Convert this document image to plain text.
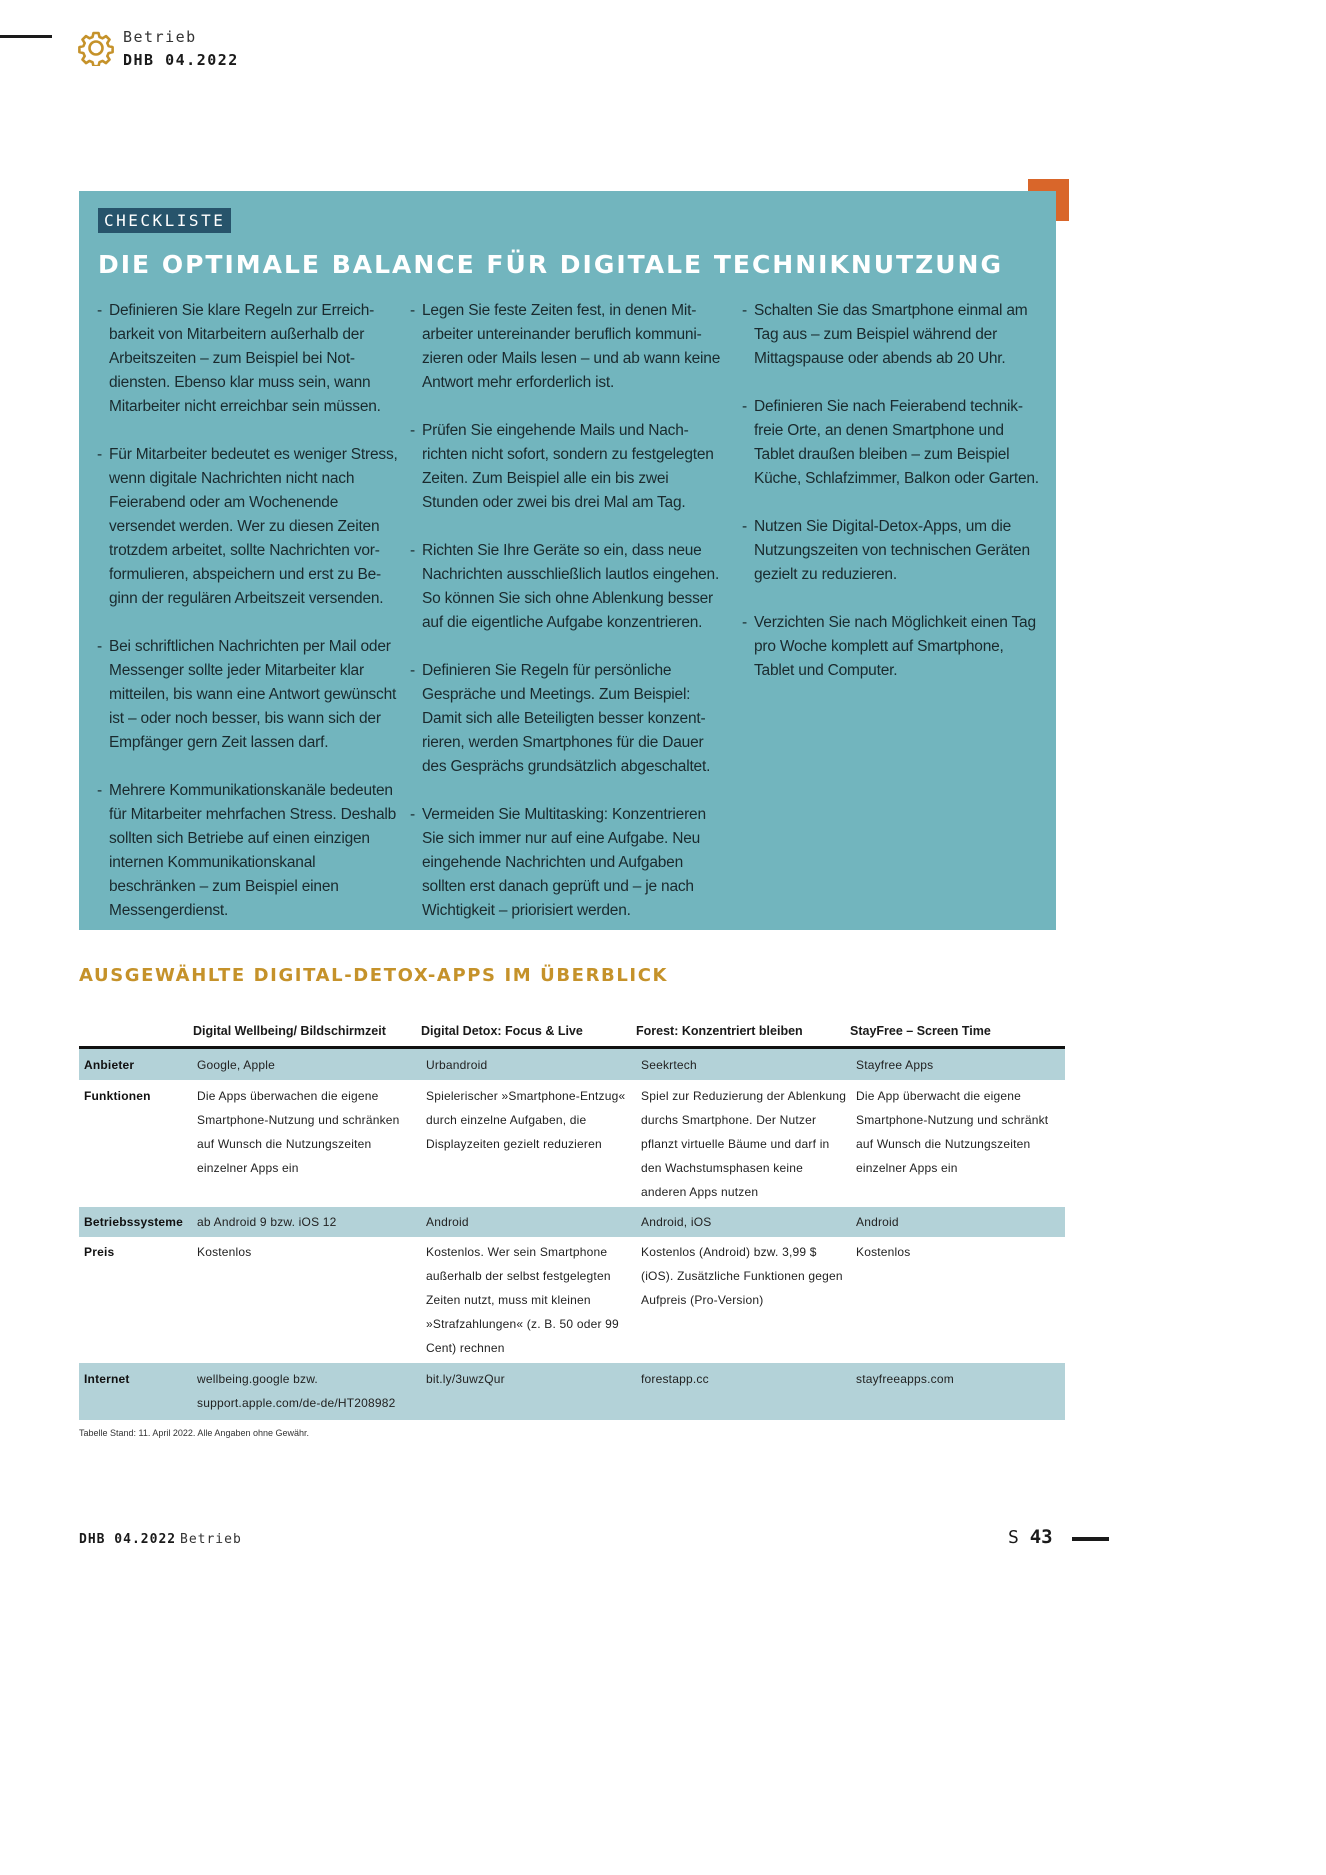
Betrieb
DHB 04.2022
CHECKLISTE
DIE OPTIMALE BALANCE FÜR DIGITALE TECHNIKNUTZUNG
- Definieren Sie klare Regeln zur Erreichbarkeit von Mitarbeitern außerhalb der Arbeitszeiten – zum Beispiel bei Notdiensten. Ebenso klar muss sein, wann Mitarbeiter nicht erreichbar sein müssen.
- Für Mitarbeiter bedeutet es weniger Stress, wenn digitale Nachrichten nicht nach Feierabend oder am Wochenende versendet werden. Wer zu diesen Zeiten trotzdem arbeitet, sollte Nachrichten vorformulieren, abspeichern und erst zu Beginn der regulären Arbeitszeit versenden.
- Bei schriftlichen Nachrichten per Mail oder Messenger sollte jeder Mitarbeiter klar mitteilen, bis wann eine Antwort gewünscht ist – oder noch besser, bis wann sich der Empfänger gern Zeit lassen darf.
- Mehrere Kommunikationskanäle bedeuten für Mitarbeiter mehrfachen Stress. Deshalb sollten sich Betriebe auf einen einzigen internen Kommunikationskanal beschränken – zum Beispiel einen Messengerdienst.
- Legen Sie feste Zeiten fest, in denen Mitarbeiter untereinander beruflich kommunizieren oder Mails lesen – und ab wann keine Antwort mehr erforderlich ist.
- Prüfen Sie eingehende Mails und Nachrichten nicht sofort, sondern zu festgelegten Zeiten. Zum Beispiel alle ein bis zwei Stunden oder zwei bis drei Mal am Tag.
- Richten Sie Ihre Geräte so ein, dass neue Nachrichten ausschließlich lautlos eingehen. So können Sie sich ohne Ablenkung besser auf die eigentliche Aufgabe konzentrieren.
- Definieren Sie Regeln für persönliche Gespräche und Meetings. Zum Beispiel: Damit sich alle Beteiligten besser konzentrieren, werden Smartphones für die Dauer des Gesprächs grundsätzlich abgeschaltet.
- Vermeiden Sie Multitasking: Konzentrieren Sie sich immer nur auf eine Aufgabe. Neu eingehende Nachrichten und Aufgaben sollten erst danach geprüft und – je nach Wichtigkeit – priorisiert werden.
- Schalten Sie das Smartphone einmal am Tag aus – zum Beispiel während der Mittagspause oder abends ab 20 Uhr.
- Definieren Sie nach Feierabend technikfreie Orte, an denen Smartphone und Tablet draußen bleiben – zum Beispiel Küche, Schlafzimmer, Balkon oder Garten.
- Nutzen Sie Digital-Detox-Apps, um die Nutzungszeiten von technischen Geräten gezielt zu reduzieren.
- Verzichten Sie nach Möglichkeit einen Tag pro Woche komplett auf Smartphone, Tablet und Computer.
AUSGEWÄHLTE DIGITAL-DETOX-APPS IM ÜBERBLICK
Digital Wellbeing/ Bildschirmzeit	Digital Detox: Focus & Live	Forest: Konzentriert bleiben	StayFree – Screen Time
Anbieter	Google, Apple	Urbandroid	Seekrtech	Stayfree Apps
Funktionen	Die Apps überwachen die eigene Smartphone-Nutzung und schränken auf Wunsch die Nutzungszeiten einzelner Apps ein	Spielerischer »Smartphone-Entzug« durch einzelne Aufgaben, die Displayzeiten gezielt reduzieren	Spiel zur Reduzierung der Ablenkung durchs Smartphone. Der Nutzer pflanzt virtuelle Bäume und darf in den Wachstumsphasen keine anderen Apps nutzen	Die App überwacht die eigene Smartphone-Nutzung und schränkt auf Wunsch die Nutzungszeiten einzelner Apps ein
Betriebssysteme	ab Android 9 bzw. iOS 12	Android	Android, iOS	Android
Preis	Kostenlos	Kostenlos. Wer sein Smartphone außerhalb der selbst festgelegten Zeiten nutzt, muss mit kleinen »Strafzahlungen« (z. B. 50 oder 99 Cent) rechnen	Kostenlos (Android) bzw. 3,99 $ (iOS). Zusätzliche Funktionen gegen Aufpreis (Pro-Version)	Kostenlos
Internet	wellbeing.google bzw. support.apple.com/de-de/HT208982	bit.ly/3uwzQur	forestapp.cc	stayfreeapps.com
Tabelle Stand: 11. April 2022. Alle Angaben ohne Gewähr.
DHB 04.2022 Betrieb	S 43
